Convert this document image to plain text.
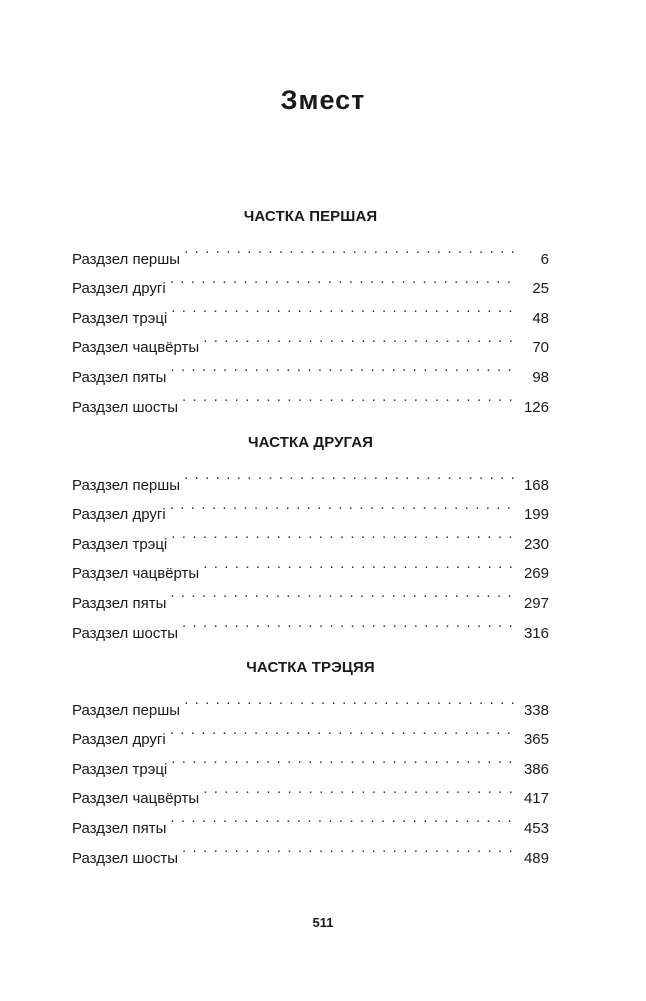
Змест
ЧАСТКА ПЕРШАЯ
Раздзел першы . . .	6
Раздзел другі . . .	25
Раздзел трэці . . .	48
Раздзел чацвёрты . . .	70
Раздзел пяты . . .	98
Раздзел шосты . . .	126
ЧАСТКА ДРУГАЯ
Раздзел першы . . .	168
Раздзел другі . . .	199
Раздзел трэці . . .	230
Раздзел чацвёрты . . .	269
Раздзел пяты . . .	297
Раздзел шосты . . .	316
ЧАСТКА ТРЭЦЯЯ
Раздзел першы . . .	338
Раздзел другі . . .	365
Раздзел трэці . . .	386
Раздзел чацвёрты . . .	417
Раздзел пяты . . .	453
Раздзел шосты . . .	489
511
